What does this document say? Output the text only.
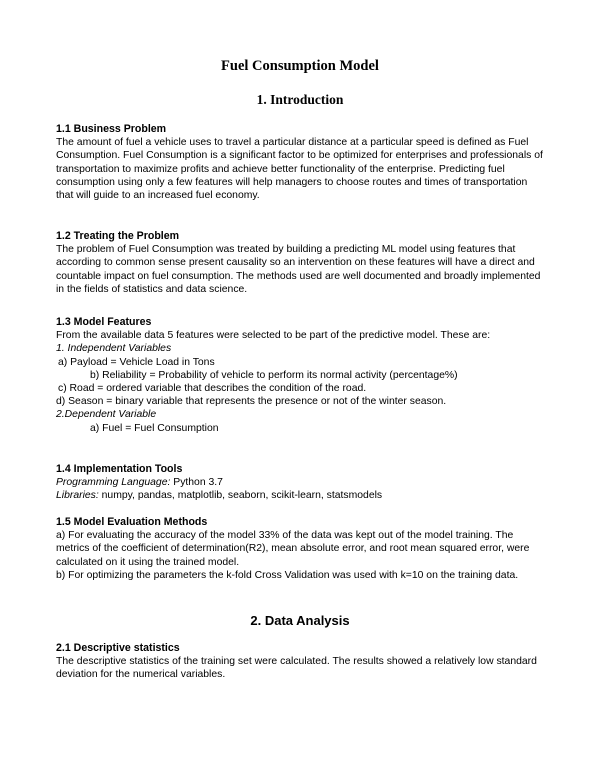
Fuel Consumption Model
1. Introduction
1.1 Business Problem
The amount of fuel a vehicle uses to travel a particular distance at a particular speed is defined as Fuel Consumption. Fuel Consumption is a significant factor to be optimized for enterprises and professionals of transportation to maximize profits and achieve better functionality of the enterprise. Predicting fuel consumption using only a few features will help managers to choose routes and times of transportation that will guide to an increased fuel economy.
1.2 Treating the Problem
The problem of Fuel Consumption was treated by building a predicting ML model using features that according to common sense present causality so an intervention on these features will have a direct and countable impact on fuel consumption. The methods used are well documented and broadly implemented in the fields of statistics and data science.
1.3 Model Features
From the available data 5 features were selected to be part of the predictive model. These are:
1. Independent Variables
a) Payload = Vehicle Load in Tons
b) Reliability = Probability of vehicle to perform its normal activity (percentage%)
c) Road = ordered variable that describes the condition of the road.
d) Season = binary variable that represents the presence or not of the winter season.
2.Dependent Variable
a) Fuel = Fuel Consumption
1.4 Implementation Tools
Programming Language: Python 3.7
Libraries: numpy, pandas, matplotlib, seaborn, scikit-learn, statsmodels
1.5 Model Evaluation Methods
a) For evaluating the accuracy of the model 33% of the data was kept out of the model training. The metrics of the coefficient of determination(R2), mean absolute error, and root mean squared error, were calculated on it using the trained model.
b) For optimizing the parameters the k-fold Cross Validation was used with k=10 on the training data.
2. Data Analysis
2.1 Descriptive statistics
The descriptive statistics of the training set were calculated. The results showed a relatively low standard deviation for the numerical variables.
